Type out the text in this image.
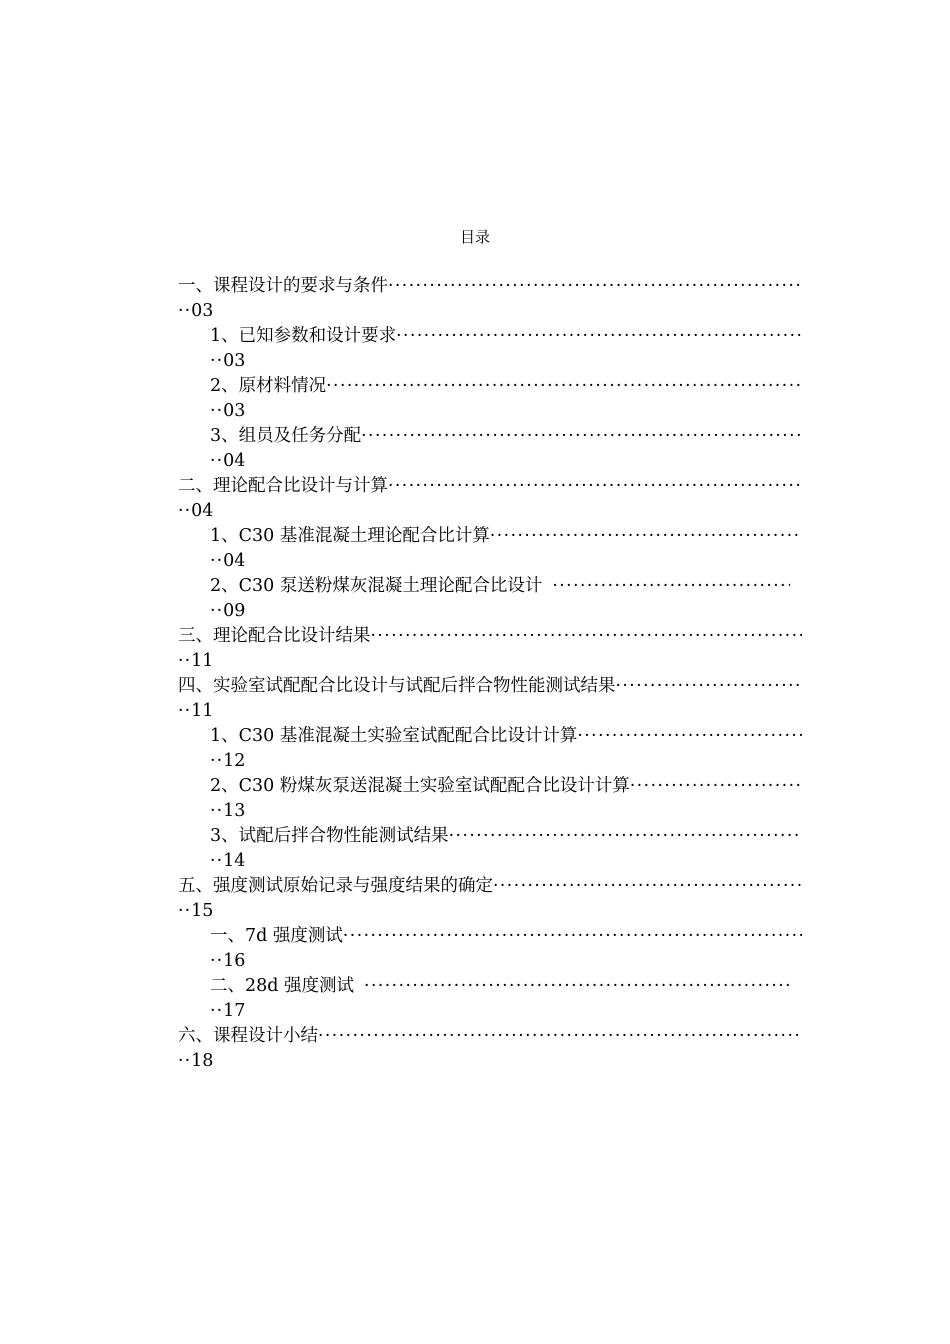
目录
一、课程设计的要求与条件
·····
··03
1、已知参数和设计要求
·····
··03
2、原材料情况
·····
··03
3、组员及任务分配
·····
··04
二、理论配合比设计与计算
·····
··04
1、C30 基准混凝土理论配合比计算
·····
··04
2、C30 泵送粉煤灰混凝土理论配合比设计
·····
··09
三、理论配合比设计结果
·····
··11
四、实验室试配配合比设计与试配后拌合物性能测试结果
·····
··11
1、C30 基准混凝土实验室试配配合比设计计算
·····
··12
2、C30 粉煤灰泵送混凝土实验室试配配合比设计计算
·····
··13
3、试配后拌合物性能测试结果
·····
··14
五、强度测试原始记录与强度结果的确定
·····
··15
一、7d 强度测试
·····
··16
二、28d 强度测试
·····
··17
六、课程设计小结
·····
··18
